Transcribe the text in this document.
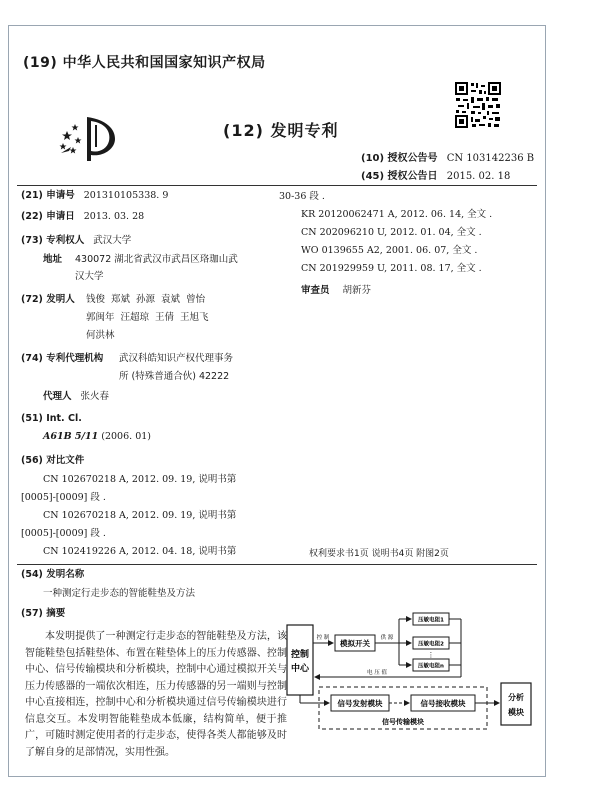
(19) 中华人民共和国国家知识产权局
(12) 发明专利
(10) 授权公告号 CN 103142236 B
(45) 授权公告日 2015. 02. 18
(21) 申请号 201310105338. 9
(22) 申请日 2013. 03. 28
(73) 专利权人 武汉大学
地址 430072 湖北省武汉市武昌区珞珈山武
汉大学
(72) 发明人 钱俊 郑斌 孙源 袁斌 曾怡
郭闽年 汪超琼 王倩 王旭飞
何洪林
(74) 专利代理机构 武汉科皓知识产权代理事务
所 (特殊普通合伙) 42222
代理人 张火春
(51) Int. Cl.
A61B 5/11 (2006. 01)
(56) 对比文件
CN 102670218 A, 2012. 09. 19, 说明书第
[0005]-[0009] 段 .
CN 102670218 A, 2012. 09. 19, 说明书第
[0005]-[0009] 段 .
CN 102419226 A, 2012. 04. 18, 说明书第
30-36 段 .
KR 20120062471 A, 2012. 06. 14, 全文 .
CN 202096210 U, 2012. 01. 04, 全文 .
WO 0139655 A2, 2001. 06. 07, 全文 .
CN 201929959 U, 2011. 08. 17, 全文 .
审查员 胡新芬
权利要求书1页 说明书4页 附图2页
(54) 发明名称
一种测定行走步态的智能鞋垫及方法
(57) 摘要
本发明提供了一种测定行走步态的智能鞋垫及方法，该智能鞋垫包括鞋垫体、布置在鞋垫体上的压力传感器、控制中心、信号传输模块和分析模块，控制中心通过模拟开关与压力传感器的一端依次相连，压力传感器的另一端则与控制中心直接相连，控制中心和分析模块通过信号传输模块进行信息交互。本发明智能鞋垫成本低廉，结构简单，便于推广，可随时测定使用者的行走步态，使得各类人都能够及时了解自身的足部情况，实用性强。
控制
中心
控 制
模拟开关
供 源
压敏电阻1
压敏电阻2
⋮
压敏电阻n
电 压 值
信号发射模块	信号接收模块
信号传输模块
分析
模块
